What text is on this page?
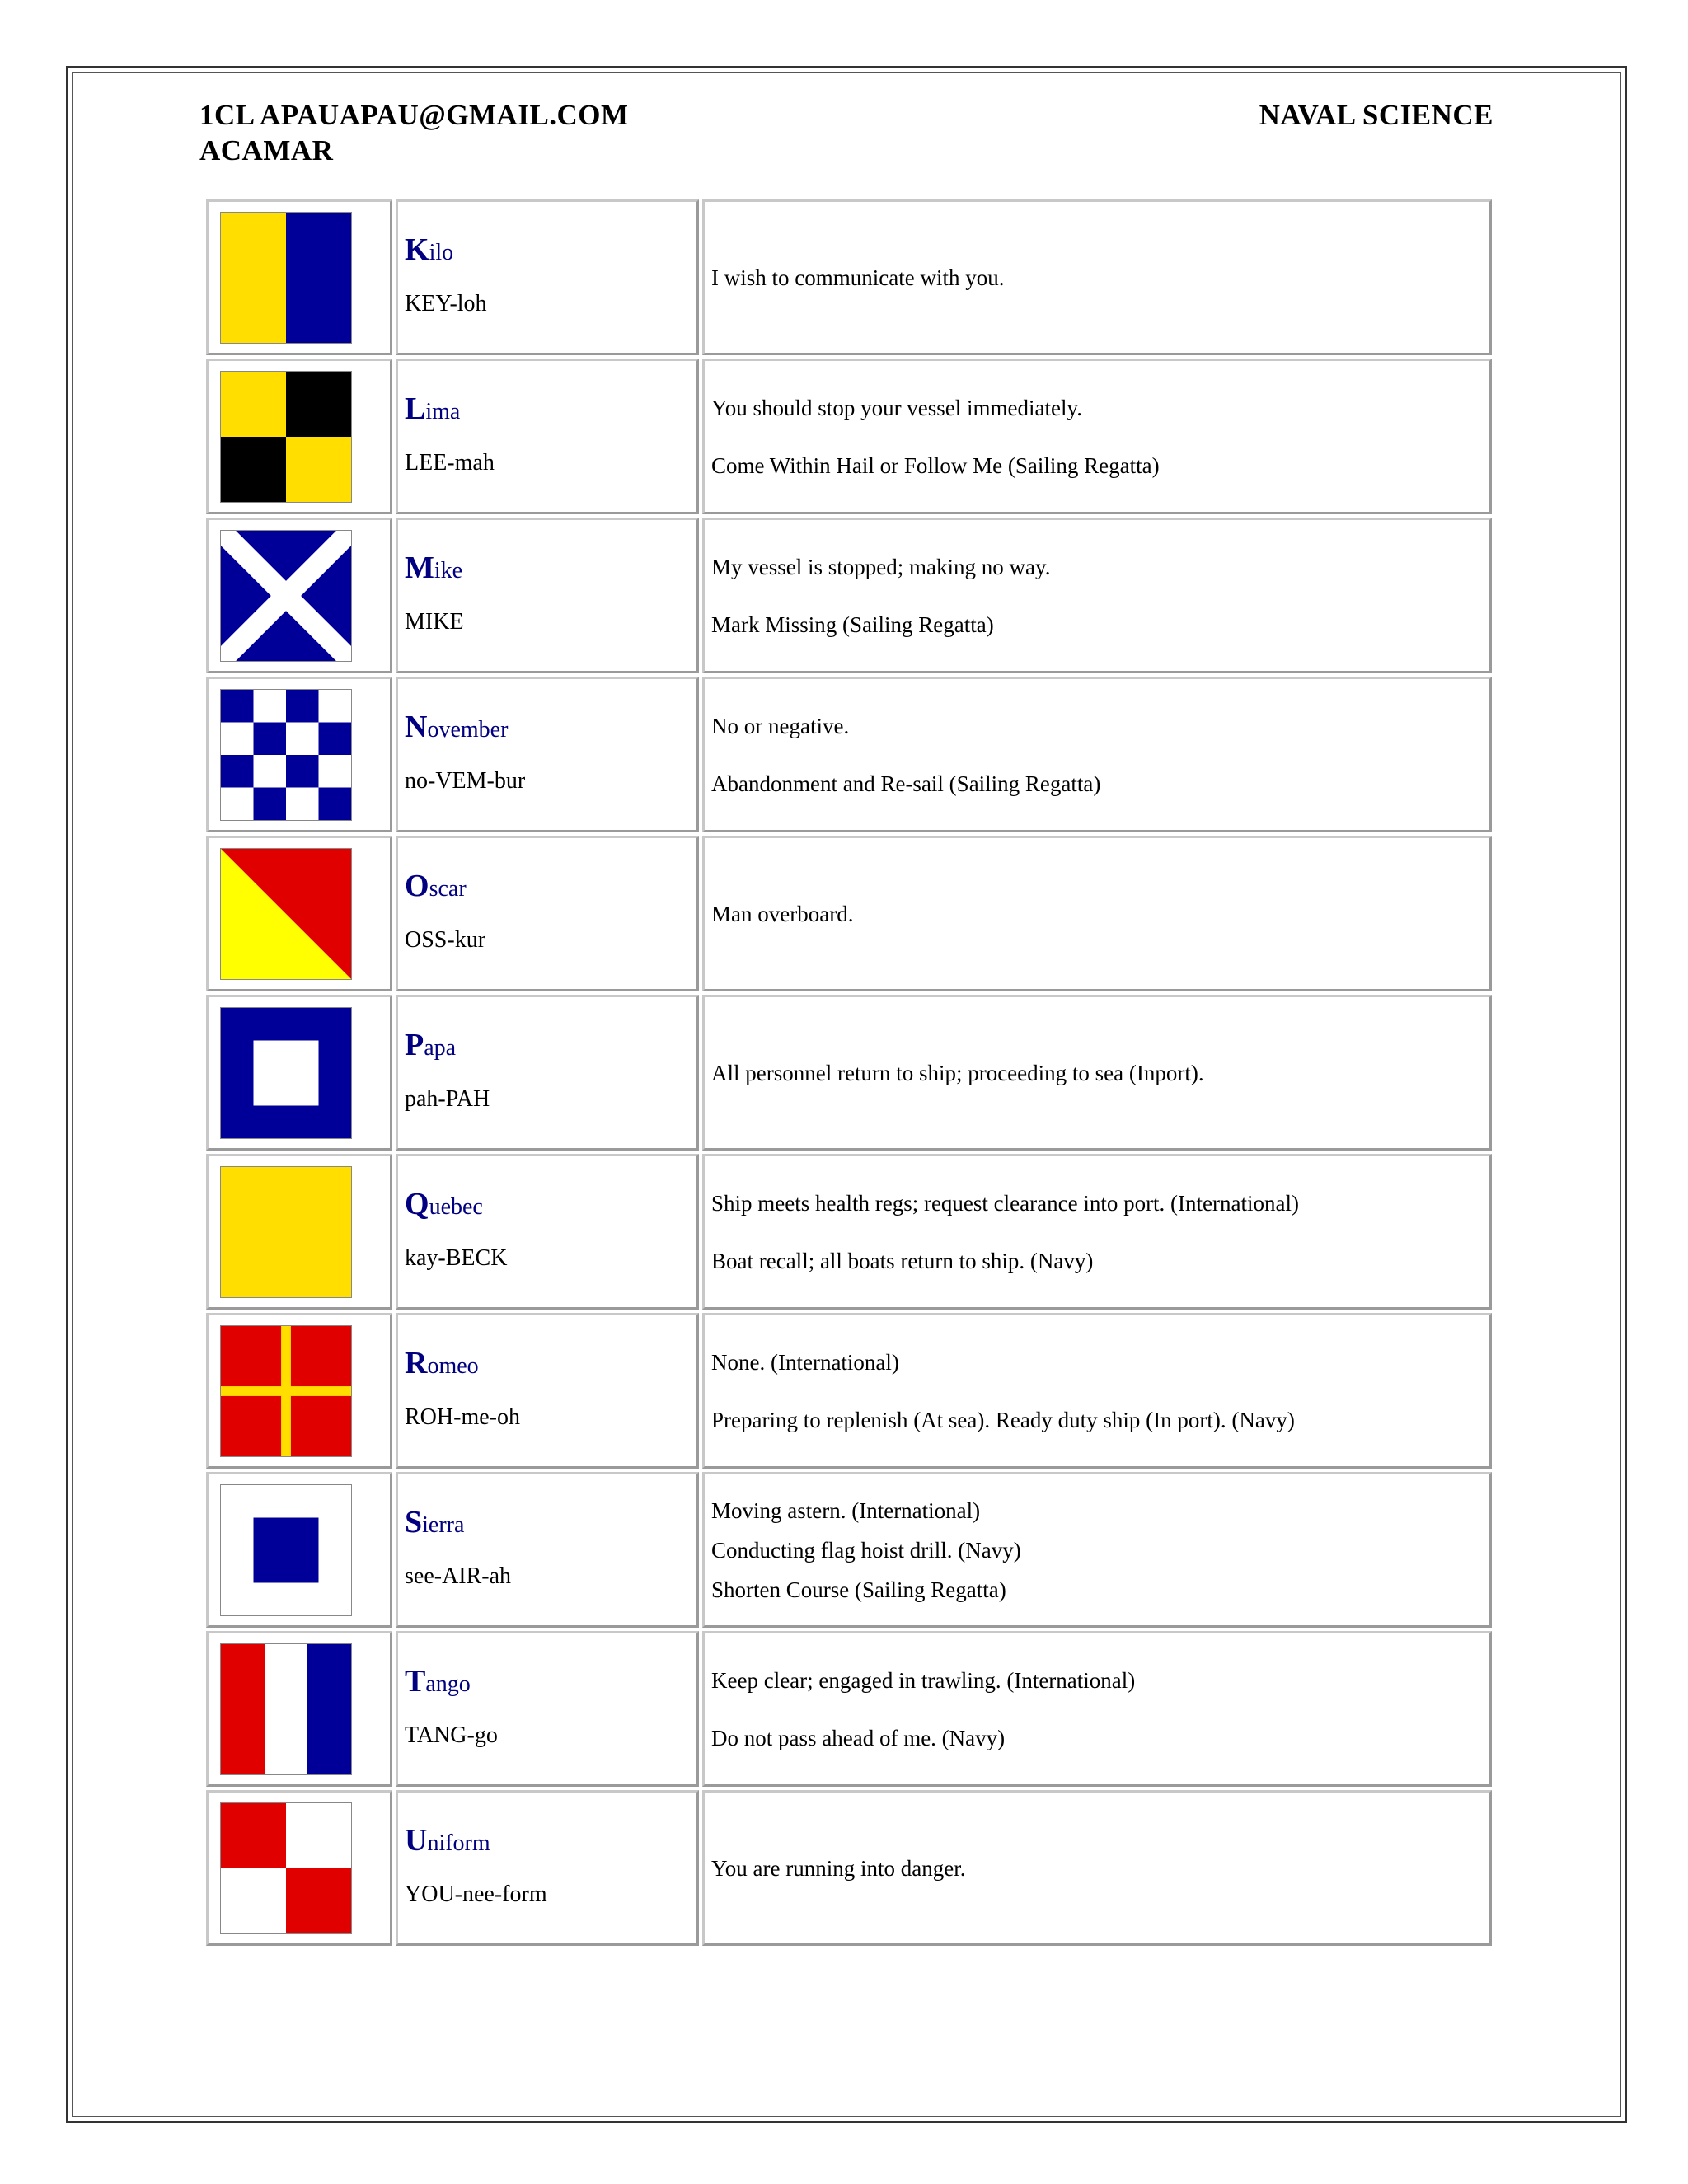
1CL APAUAPAU@GMAIL.COM
ACAMAR
NAVAL SCIENCE
Kilo
KEY-loh
I wish to communicate with you.
Lima
LEE-mah
You should stop your vessel immediately.
Come Within Hail or Follow Me (Sailing Regatta)
Mike
MIKE
My vessel is stopped; making no way.
Mark Missing (Sailing Regatta)
November
no-VEM-bur
No or negative.
Abandonment and Re-sail (Sailing Regatta)
Oscar
OSS-kur
Man overboard.
Papa
pah-PAH
All personnel return to ship; proceeding to sea (Inport).
Quebec
kay-BECK
Ship meets health regs; request clearance into port. (International)
Boat recall; all boats return to ship. (Navy)
Romeo
ROH-me-oh
None. (International)
Preparing to replenish (At sea). Ready duty ship (In port). (Navy)
Sierra
see-AIR-ah
Moving astern. (International)
Conducting flag hoist drill. (Navy)
Shorten Course (Sailing Regatta)
Tango
TANG-go
Keep clear; engaged in trawling. (International)
Do not pass ahead of me. (Navy)
Uniform
YOU-nee-form
You are running into danger.
